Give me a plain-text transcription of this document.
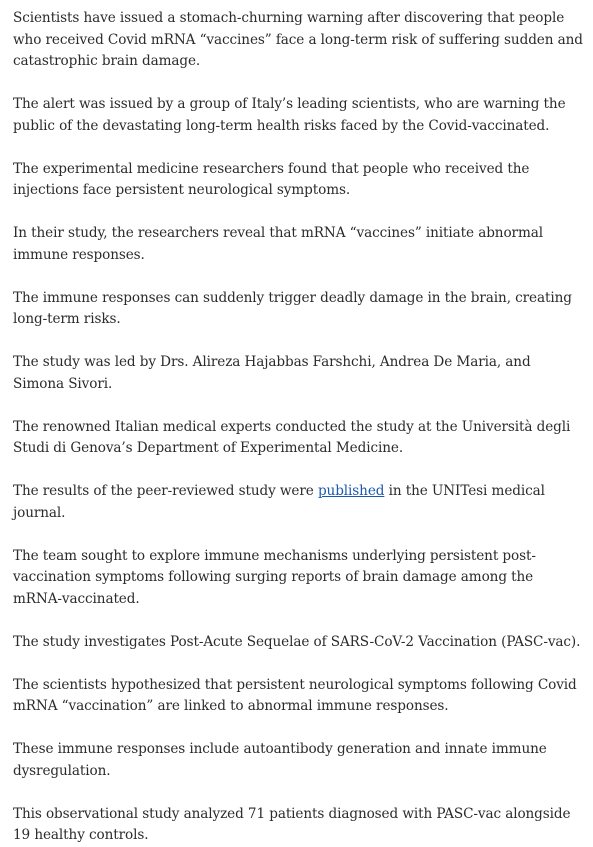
Scientists have issued a stomach-churning warning after discovering that people who received Covid mRNA “vaccines” face a long-term risk of suffering sudden and catastrophic brain damage.

The alert was issued by a group of Italy’s leading scientists, who are warning the public of the devastating long-term health risks faced by the Covid-vaccinated.

The experimental medicine researchers found that people who received the injections face persistent neurological symptoms.

In their study, the researchers reveal that mRNA “vaccines” initiate abnormal immune responses.

The immune responses can suddenly trigger deadly damage in the brain, creating long-term risks.

The study was led by Drs. Alireza Hajabbas Farshchi, Andrea De Maria, and Simona Sivori.

The renowned Italian medical experts conducted the study at the Università degli Studi di Genova’s Department of Experimental Medicine.

The results of the peer-reviewed study were published in the UNITesi medical journal.

The team sought to explore immune mechanisms underlying persistent post-vaccination symptoms following surging reports of brain damage among the mRNA-vaccinated.

The study investigates Post-Acute Sequelae of SARS-CoV-2 Vaccination (PASC-vac).

The scientists hypothesized that persistent neurological symptoms following Covid mRNA “vaccination” are linked to abnormal immune responses.

These immune responses include autoantibody generation and innate immune dysregulation.

This observational study analyzed 71 patients diagnosed with PASC-vac alongside 19 healthy controls.
